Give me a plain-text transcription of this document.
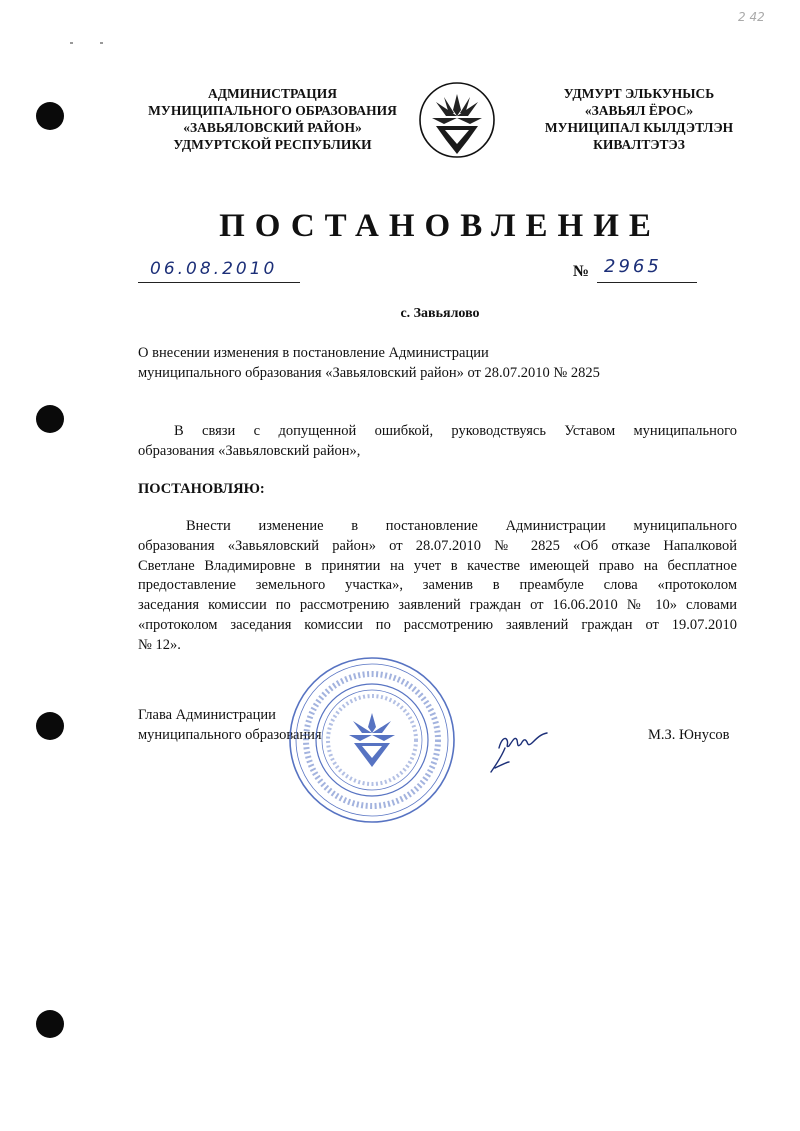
2 42
АДМИНИСТРАЦИЯ
МУНИЦИПАЛЬНОГО ОБРАЗОВАНИЯ
«ЗАВЬЯЛОВСКИЙ РАЙОН»
УДМУРТСКОЙ РЕСПУБЛИКИ
УДМУРТ ЭЛЬКУНЫСЬ
«ЗАВЬЯЛ ЁРОС»
МУНИЦИПАЛ КЫЛДЭТЛЭН
КИВАЛТЭТЭЗ
ПОСТАНОВЛЕНИЕ
06.08.2010	№ 2965
с. Завьялово
О внесении изменения в постановление Администрации
муниципального образования «Завьяловский район» от 28.07.2010 № 2825
В связи с допущенной ошибкой, руководствуясь Уставом муниципального
образования «Завьяловский район»,
ПОСТАНОВЛЯЮ:
Внести изменение в постановление Администрации муниципального
образования «Завьяловский район» от 28.07.2010 № 2825 «Об отказе Напалковой
Светлане Владимировне в принятии на учет в качестве имеющей право на бесплатное
предоставление земельного участка», заменив в преамбуле слова «протоколом
заседания комиссии по рассмотрению заявлений граждан от 16.06.2010 № 10» словами
«протоколом заседания комиссии по рассмотрению заявлений граждан от 19.07.2010
№ 12».
Глава Администрации
муниципального образования	М.З. Юнусов
